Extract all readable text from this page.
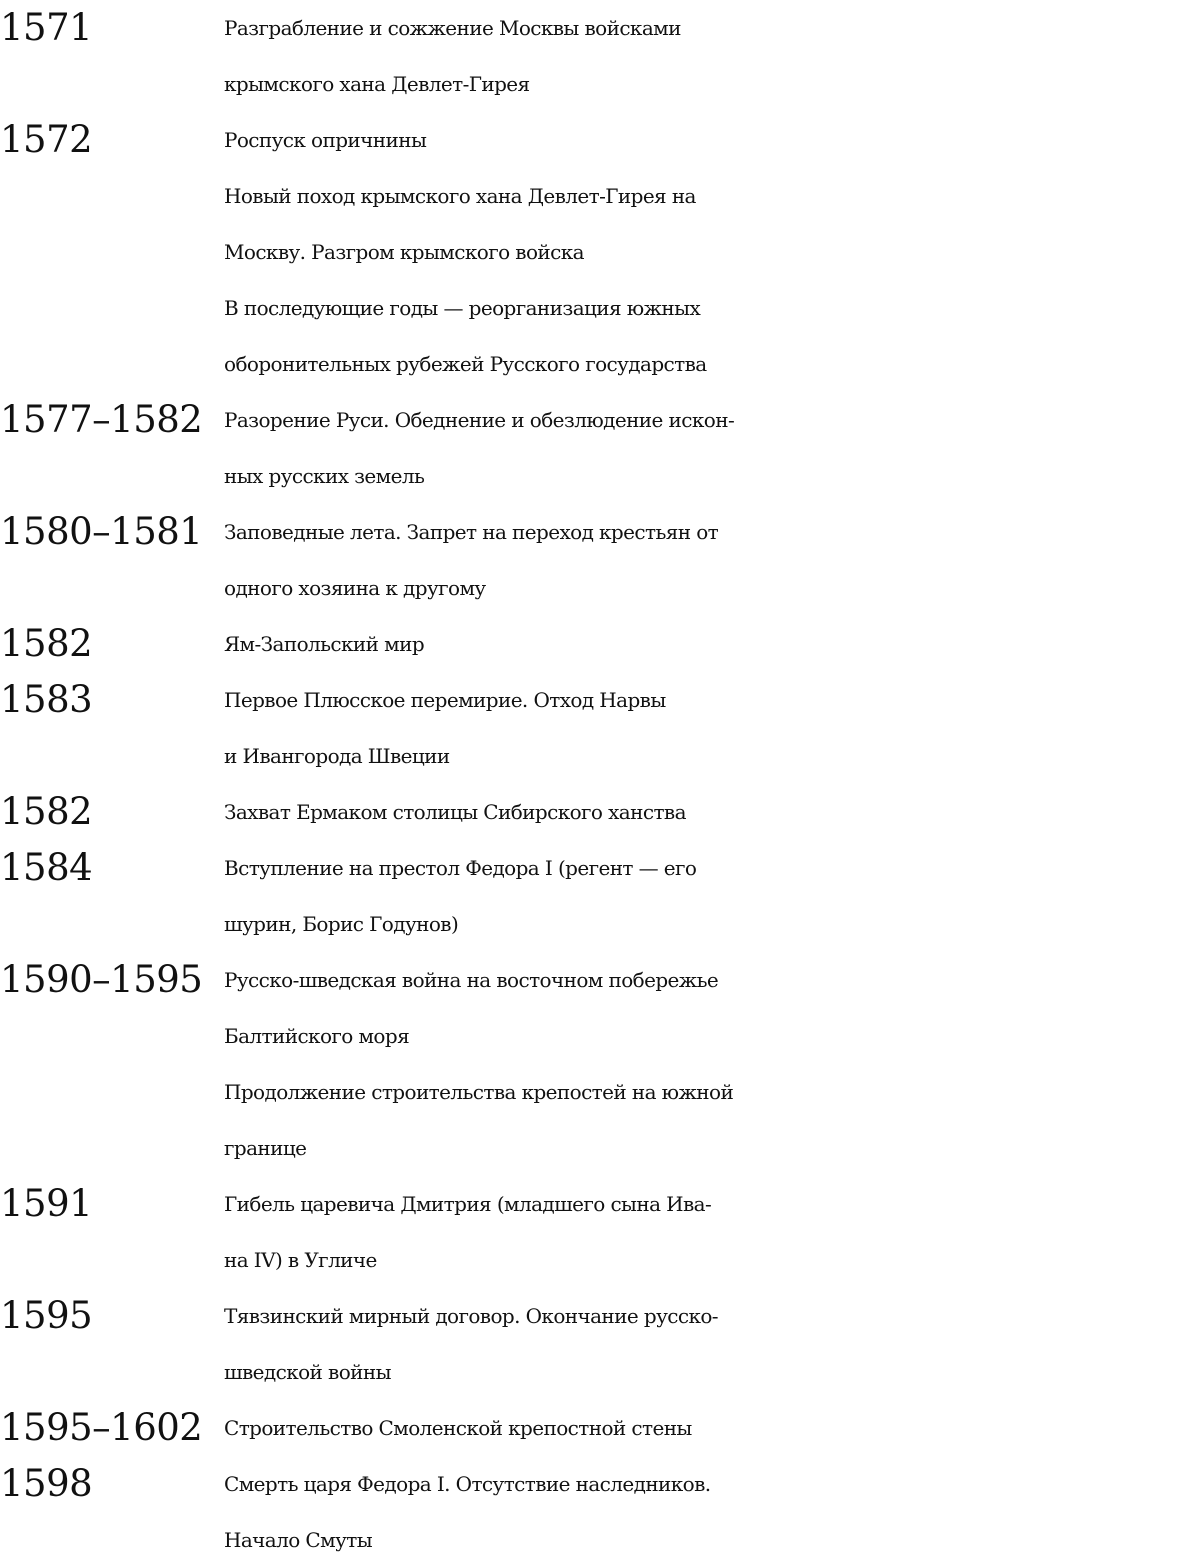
1571	Разграбление и сожжение Москвы войсками
крымского хана Девлет-Гирея
1572	Роспуск опричнины
Новый поход крымского хана Девлет-Гирея на
Москву. Разгром крымского войска
В последующие годы — реорганизация южных
оборонительных рубежей Русского государства
1577–1582	Разорение Руси. Обеднение и обезлюдение искон-
ных русских земель
1580–1581	Заповедные лета. Запрет на переход крестьян от
одного хозяина к другому
1582	Ям-Запольский мир
1583	Первое Плюсское перемирие. Отход Нарвы
и Ивангорода Швеции
1582	Захват Ермаком столицы Сибирского ханства
1584	Вступление на престол Федора I (регент — его
шурин, Борис Годунов)
1590–1595	Русско-шведская война на восточном побережье
Балтийского моря
Продолжение строительства крепостей на южной
границе
1591	Гибель царевича Дмитрия (младшего сына Ива-
на IV) в Угличе
1595	Тявзинский мирный договор. Окончание русско-
шведской войны
1595–1602	Строительство Смоленской крепостной стены
1598	Смерть царя Федора I. Отсутствие наследников.
Начало Смуты
